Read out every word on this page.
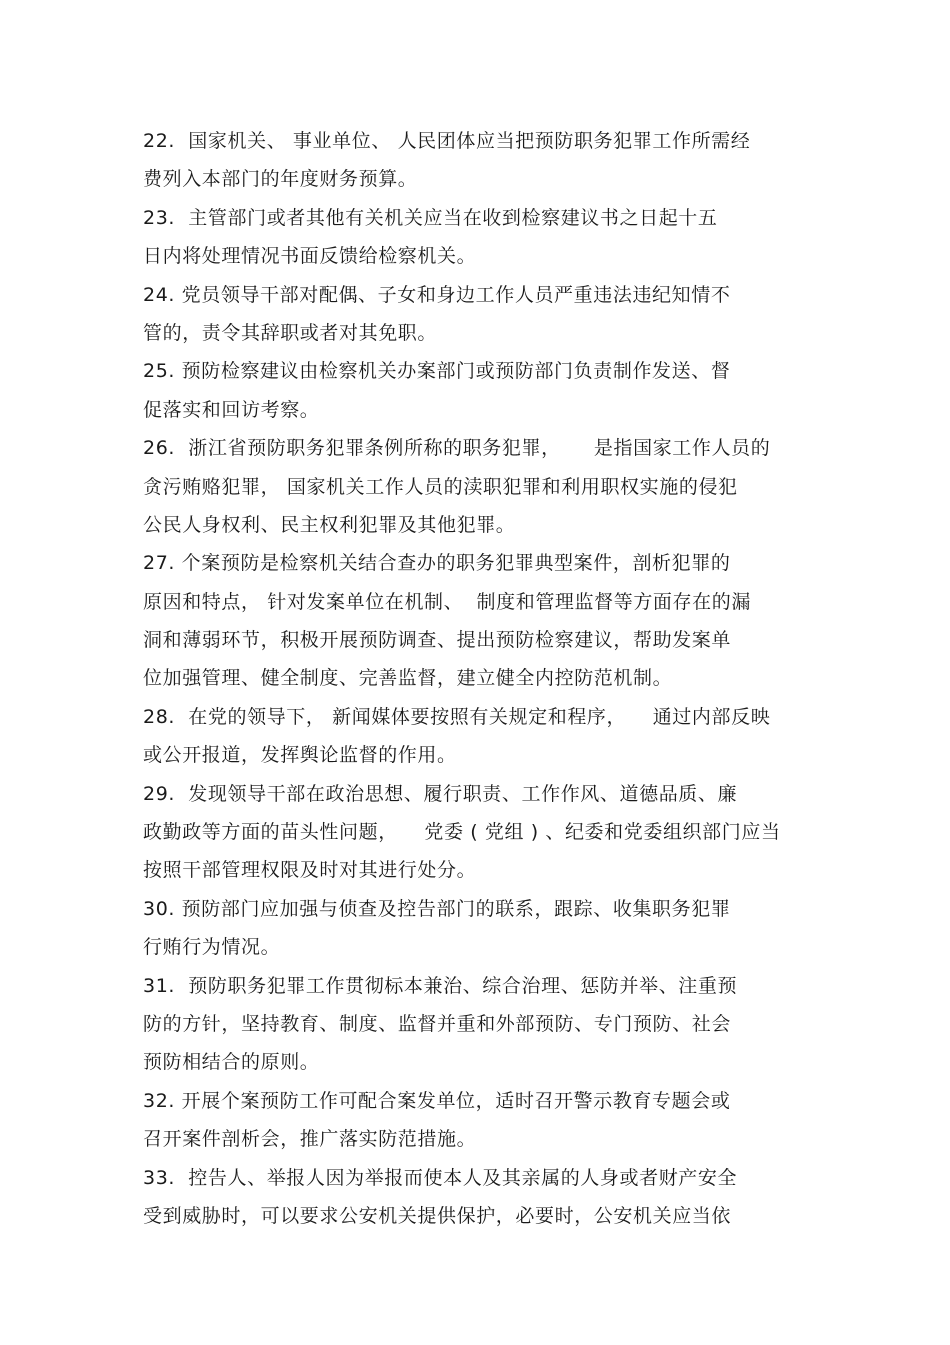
22.  国家机关、 事业单位、 人民团体应当把预防职务犯罪工作所需经
费列入本部门的年度财务预算。
23.  主管部门或者其他有关机关应当在收到检察建议书之日起十五
日内将处理情况书面反馈给检察机关。
24. 党员领导干部对配偶、子女和身边工作人员严重违法违纪知情不
管的，责令其辞职或者对其免职。
25. 预防检察建议由检察机关办案部门或预防部门负责制作发送、督
促落实和回访考察。
26.  浙江省预防职务犯罪条例所称的职务犯罪，     是指国家工作人员的
贪污贿赂犯罪， 国家机关工作人员的渎职犯罪和利用职权实施的侵犯
公民人身权利、民主权利犯罪及其他犯罪。
27. 个案预防是检察机关结合查办的职务犯罪典型案件，剖析犯罪的
原因和特点， 针对发案单位在机制、  制度和管理监督等方面存在的漏
洞和薄弱环节，积极开展预防调查、提出预防检察建议，帮助发案单
位加强管理、健全制度、完善监督，建立健全内控防范机制。
28.  在党的领导下， 新闻媒体要按照有关规定和程序，    通过内部反映
或公开报道，发挥舆论监督的作用。
29.  发现领导干部在政治思想、履行职责、工作作风、道德品质、廉
政勤政等方面的苗头性问题，    党委 ( 党组 ) 、纪委和党委组织部门应当
按照干部管理权限及时对其进行处分。
30. 预防部门应加强与侦查及控告部门的联系，跟踪、收集职务犯罪
行贿行为情况。
31.  预防职务犯罪工作贯彻标本兼治、综合治理、惩防并举、注重预
防的方针，坚持教育、制度、监督并重和外部预防、专门预防、社会
预防相结合的原则。
32. 开展个案预防工作可配合案发单位，适时召开警示教育专题会或
召开案件剖析会，推广落实防范措施。
33.  控告人、举报人因为举报而使本人及其亲属的人身或者财产安全
受到威胁时，可以要求公安机关提供保护，必要时，公安机关应当依
